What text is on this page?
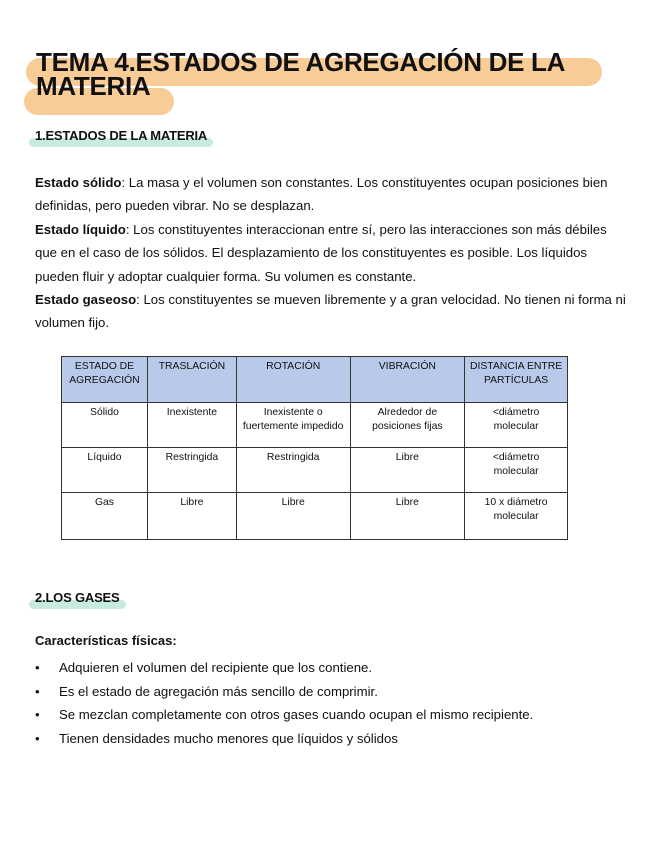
TEMA 4.ESTADOS DE AGREGACIÓN DE LA
MATERIA
1.ESTADOS DE LA MATERIA

Estado sólido: La masa y el volumen son constantes. Los constituyentes ocupan posiciones bien definidas, pero pueden vibrar. No se desplazan.

Estado líquido: Los constituyentes interaccionan entre sí, pero las interacciones son más débiles que en el caso de los sólidos. El desplazamiento de los constituyentes es posible. Los líquidos pueden fluir y adoptar cualquier forma. Su volumen es constante.

Estado gaseoso: Los constituyentes se mueven libremente y a gran velocidad. No tienen ni forma ni volumen fijo.

ESTADO DE AGREGACIÓN	TRASLACIÓN	ROTACIÓN	VIBRACIÓN	DISTANCIA ENTRE PARTÍCULAS
Sólido	Inexistente	Inexistente o fuertemente impedido	Alrededor de posiciones fijas	<diámetro molecular
Líquido	Restringida	Restringida	Libre	<diámetro molecular
Gas	Libre	Libre	Libre	10 x diámetro molecular
2.LOS GASES
Características físicas:
• Adquieren el volumen del recipiente que los contiene.
• Es el estado de agregación más sencillo de comprimir.
• Se mezclan completamente con otros gases cuando ocupan el mismo recipiente.
• Tienen densidades mucho menores que líquidos y sólidos
